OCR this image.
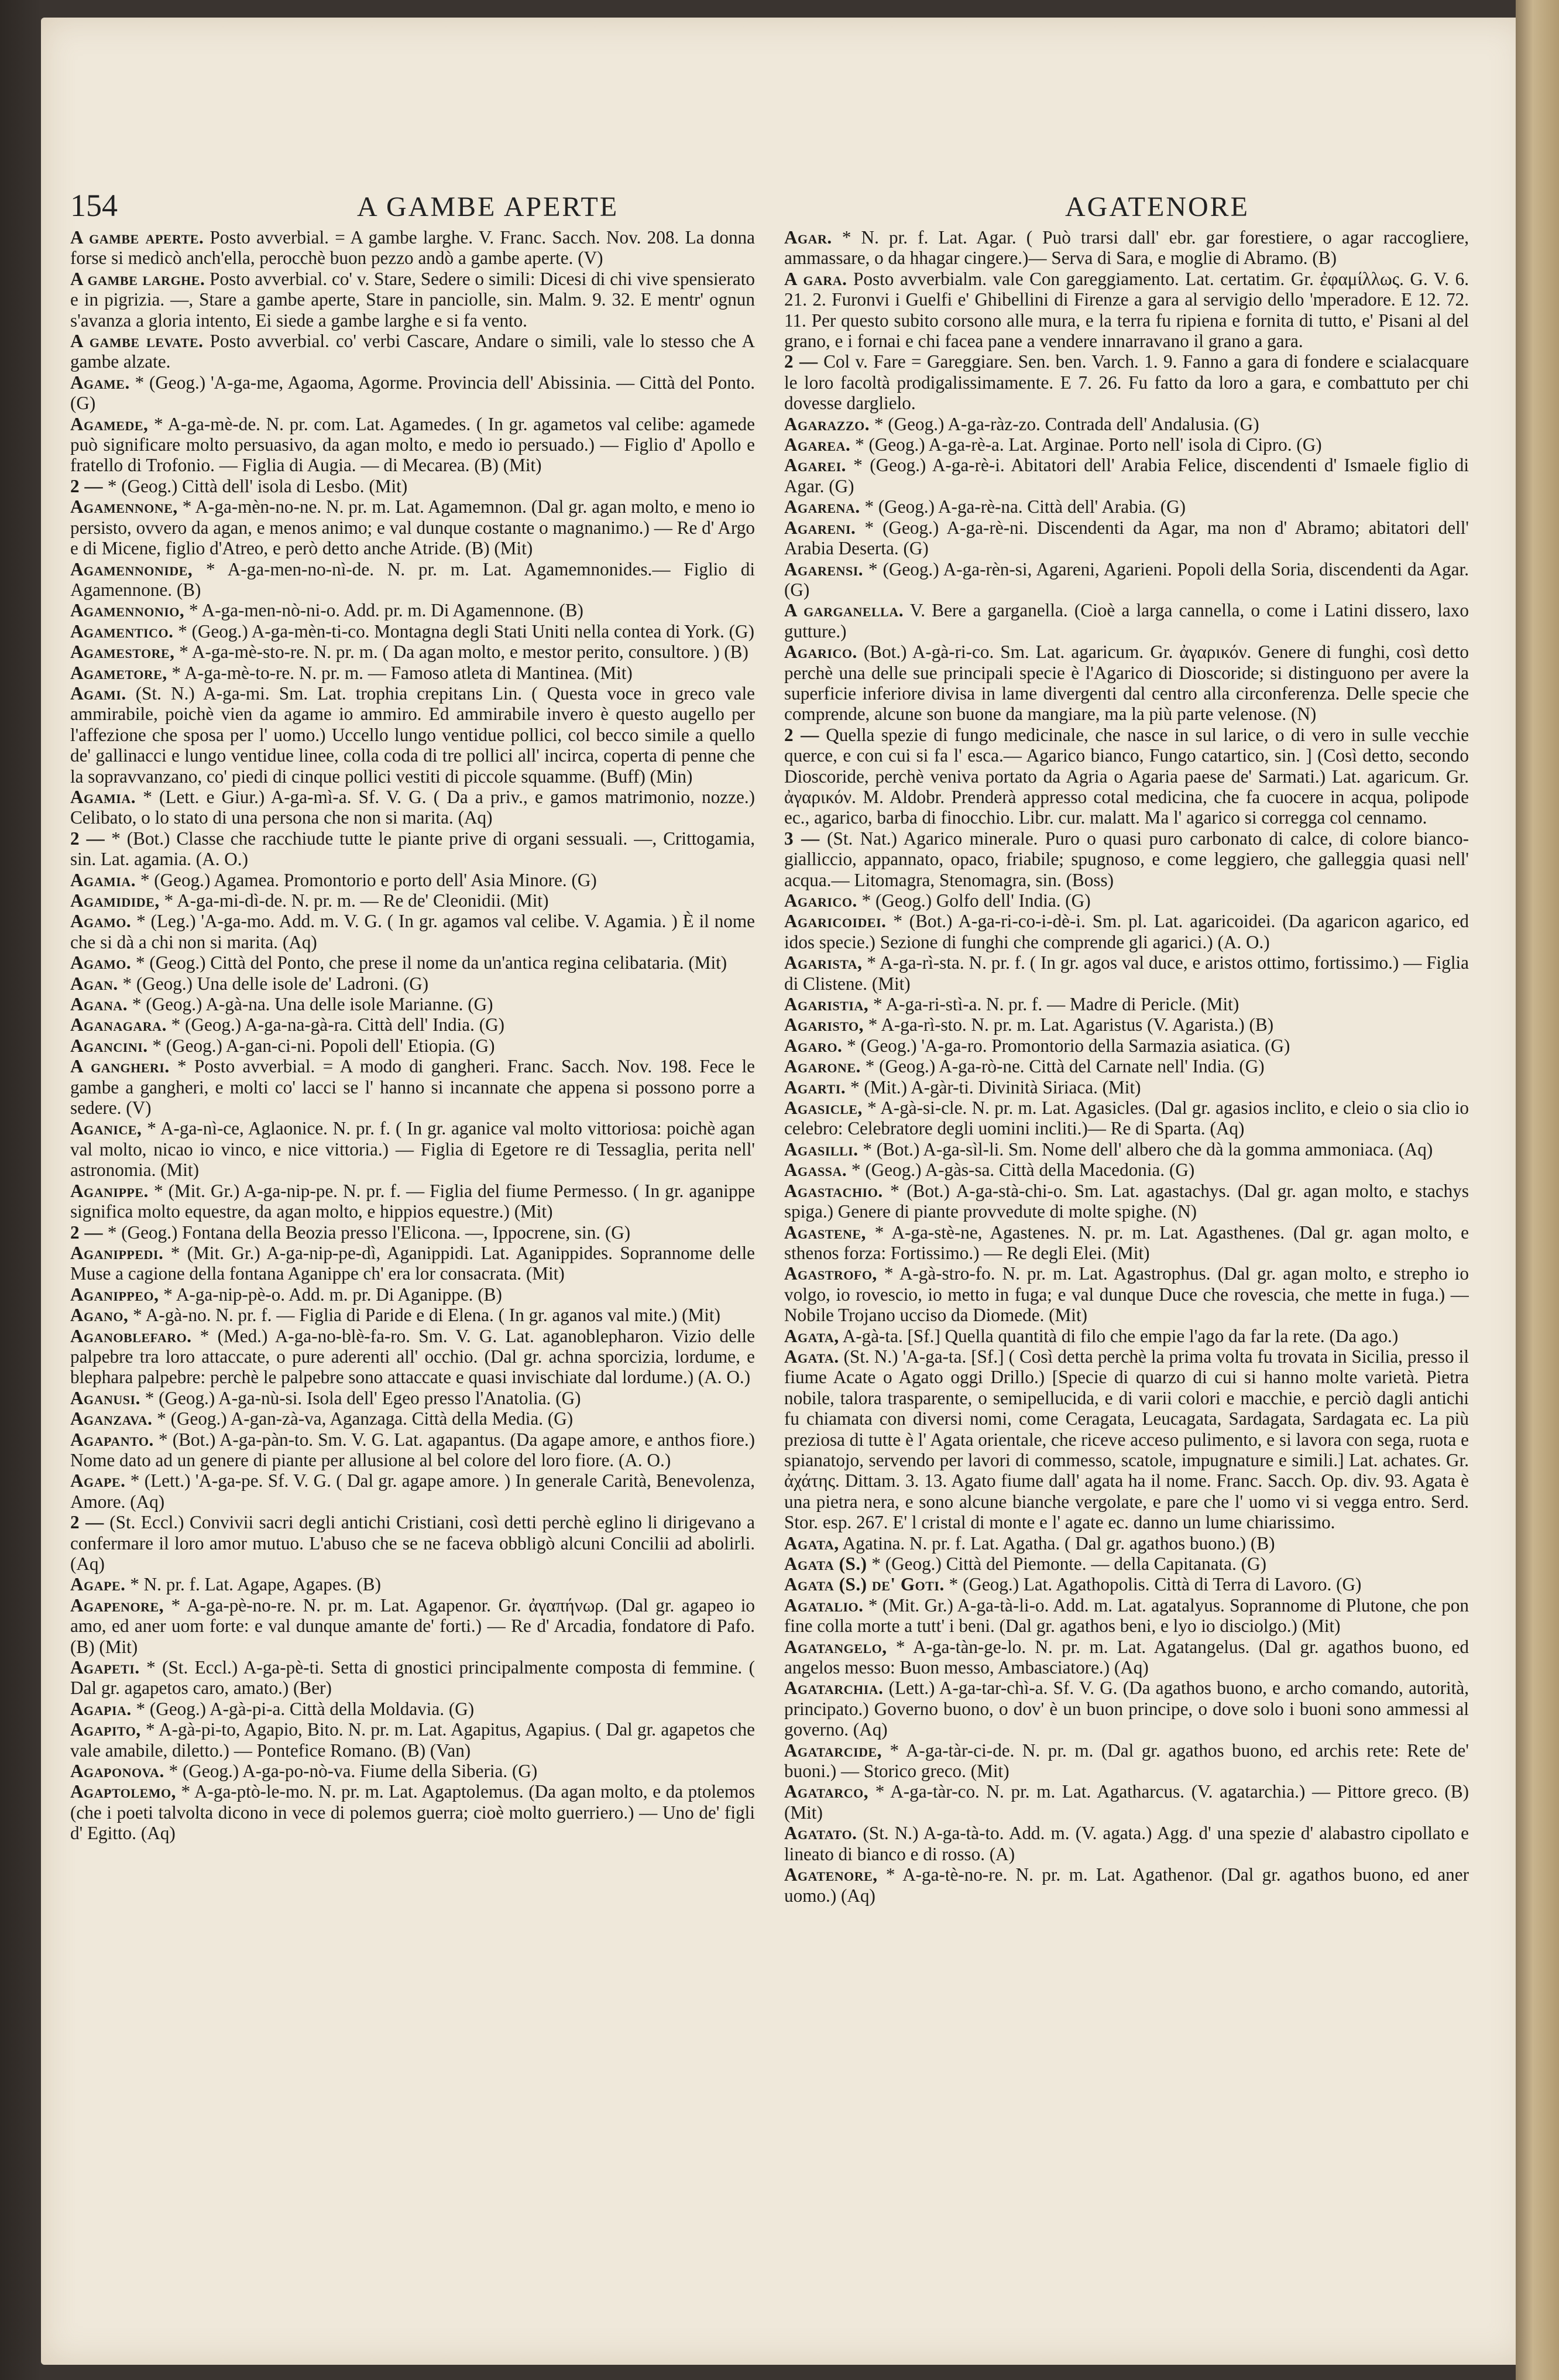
154	A GAMBE APERTE	AGATENORE

A gambe aperte. Posto avverbial. = A gambe larghe. V. Franc. Sacch. Nov. 208. La donna forse si medicò anch'ella, perocchè buon pezzo andò a gambe aperte. (V)

A gambe larghe. Posto avverbial. co' v. Stare, Sedere o simili: Dicesi di chi vive spensierato e in pigrizia. —, Stare a gambe aperte, Stare in panciolle, sin. Malm. 9. 32. E mentr' ognun s'avanza a gloria intento, Ei siede a gambe larghe e si fa vento.

A gambe levate. Posto avverbial. co' verbi Cascare, Andare o simili, vale lo stesso che A gambe alzate.

Agame. * (Geog.) 'A-ga-me, Agaoma, Agorme. Provincia dell' Abissinia. — Città del Ponto. (G)

Agamede, * A-ga-mè-de. N. pr. com. Lat. Agamedes. ( In gr. agametos val celibe: agamede può significare molto persuasivo, da agan molto, e medo io persuado.) — Figlio d' Apollo e fratello di Trofonio. — Figlia di Augia. — di Mecarea. (B) (Mit)

2 — * (Geog.) Città dell' isola di Lesbo. (Mit)

Agamennone, * A-ga-mèn-no-ne. N. pr. m. Lat. Agamemnon. (Dal gr. agan molto, e meno io persisto, ovvero da agan, e menos animo; e val dunque costante o magnanimo.) — Re d' Argo e di Micene, figlio d'Atreo, e però detto anche Atride. (B) (Mit)

Agamennonide, * A-ga-men-no-nì-de. N. pr. m. Lat. Agamemnonides.— Figlio di Agamennone. (B)

Agamennonio, * A-ga-men-nò-ni-o. Add. pr. m. Di Agamennone. (B)

Agamentico. * (Geog.) A-ga-mèn-ti-co. Montagna degli Stati Uniti nella contea di York. (G)

Agamestore, * A-ga-mè-sto-re. N. pr. m. ( Da agan molto, e mestor perito, consultore. ) (B)

Agametore, * A-ga-mè-to-re. N. pr. m. — Famoso atleta di Mantinea. (Mit)

Agami. (St. N.) A-ga-mi. Sm. Lat. trophia crepitans Lin. ( Questa voce in greco vale ammirabile, poichè vien da agame io ammiro. Ed ammirabile invero è questo augello per l'affezione che sposa per l' uomo.) Uccello lungo ventidue pollici, col becco simile a quello de' gallinacci e lungo ventidue linee, colla coda di tre pollici all' incirca, coperta di penne che la sopravvanzano, co' piedi di cinque pollici vestiti di piccole squamme. (Buff) (Min)

Agamia. * (Lett. e Giur.) A-ga-mì-a. Sf. V. G. ( Da a priv., e gamos matrimonio, nozze.) Celibato, o lo stato di una persona che non si marita. (Aq)

2 — * (Bot.) Classe che racchiude tutte le piante prive di organi sessuali. —, Crittogamia, sin. Lat. agamia. (A. O.)

Agamia. * (Geog.) Agamea. Promontorio e porto dell' Asia Minore. (G)

Agamidide, * A-ga-mi-dì-de. N. pr. m. — Re de' Cleonidii. (Mit)

Agamo. * (Leg.) 'A-ga-mo. Add. m. V. G. ( In gr. agamos val celibe. V. Agamia. ) È il nome che si dà a chi non si marita. (Aq)

Agamo. * (Geog.) Città del Ponto, che prese il nome da un'antica regina celibataria. (Mit)

Agan. * (Geog.) Una delle isole de' Ladroni. (G)

Agana. * (Geog.) A-gà-na. Una delle isole Marianne. (G)

Aganagara. * (Geog.) A-ga-na-gà-ra. Città dell' India. (G)

Agancini. * (Geog.) A-gan-ci-ni. Popoli dell' Etiopia. (G)

A gangheri. * Posto avverbial. = A modo di gangheri. Franc. Sacch. Nov. 198. Fece le gambe a gangheri, e molti co' lacci se l' hanno si incannate che appena si possono porre a sedere. (V)

Aganice, * A-ga-nì-ce, Aglaonice. N. pr. f. ( In gr. aganice val molto vittoriosa: poichè agan val molto, nicao io vinco, e nice vittoria.) — Figlia di Egetore re di Tessaglia, perita nell' astronomia. (Mit)

Aganippe. * (Mit. Gr.) A-ga-nip-pe. N. pr. f. — Figlia del fiume Permesso. ( In gr. aganippe significa molto equestre, da agan molto, e hippios equestre.) (Mit)

2 — * (Geog.) Fontana della Beozia presso l'Elicona. —, Ippocrene, sin. (G)

Aganippedi. * (Mit. Gr.) A-ga-nip-pe-dì, Aganippidi. Lat. Aganippides. Soprannome delle Muse a cagione della fontana Aganippe ch' era lor consacrata. (Mit)

Aganippeo, * A-ga-nip-pè-o. Add. m. pr. Di Aganippe. (B)

Agano, * A-gà-no. N. pr. f. — Figlia di Paride e di Elena. ( In gr. aganos val mite.) (Mit)

Aganoblefaro. * (Med.) A-ga-no-blè-fa-ro. Sm. V. G. Lat. aganoblepharon. Vizio delle palpebre tra loro attaccate, o pure aderenti all' occhio. (Dal gr. achna sporcizia, lordume, e blephara palpebre: perchè le palpebre sono attaccate e quasi invischiate dal lordume.) (A. O.)

Aganusi. * (Geog.) A-ga-nù-si. Isola dell' Egeo presso l'Anatolia. (G)

Aganzava. * (Geog.) A-gan-zà-va, Aganzaga. Città della Media. (G)

Agapanto. * (Bot.) A-ga-pàn-to. Sm. V. G. Lat. agapantus. (Da agape amore, e anthos fiore.) Nome dato ad un genere di piante per allusione al bel colore del loro fiore. (A. O.)

Agape. * (Lett.) 'A-ga-pe. Sf. V. G. ( Dal gr. agape amore. ) In generale Carità, Benevolenza, Amore. (Aq)

2 — (St. Eccl.) Convivii sacri degli antichi Cristiani, così detti perchè eglino li dirigevano a confermare il loro amor mutuo. L'abuso che se ne faceva obbligò alcuni Concilii ad abolirli. (Aq)

Agape. * N. pr. f. Lat. Agape, Agapes. (B)

Agapenore, * A-ga-pè-no-re. N. pr. m. Lat. Agapenor. Gr. ἀγαπήνωρ. (Dal gr. agapeo io amo, ed aner uom forte: e val dunque amante de' forti.) — Re d' Arcadia, fondatore di Pafo. (B) (Mit)

Agapeti. * (St. Eccl.) A-ga-pè-ti. Setta di gnostici principalmente composta di femmine. ( Dal gr. agapetos caro, amato.) (Ber)

Agapia. * (Geog.) A-gà-pi-a. Città della Moldavia. (G)

Agapito, * A-gà-pi-to, Agapio, Bito. N. pr. m. Lat. Agapitus, Agapius. ( Dal gr. agapetos che vale amabile, diletto.) — Pontefice Romano. (B) (Van)

Agaponova. * (Geog.) A-ga-po-nò-va. Fiume della Siberia. (G)

Agaptolemo, * A-ga-ptò-le-mo. N. pr. m. Lat. Agaptolemus. (Da agan molto, e da ptolemos (che i poeti talvolta dicono in vece di polemos guerra; cioè molto guerriero.) — Uno de' figli d' Egitto. (Aq)

Agar. * N. pr. f. Lat. Agar. ( Può trarsi dall' ebr. gar forestiere, o agar raccogliere, ammassare, o da hhagar cingere.)— Serva di Sara, e moglie di Abramo. (B)

A gara. Posto avverbialm. vale Con gareggiamento. Lat. certatim. Gr. ἐφαμίλλως. G. V. 6. 21. 2. Furonvi i Guelfi e' Ghibellini di Firenze a gara al servigio dello 'mperadore. E 12. 72. 11. Per questo subito corsono alle mura, e la terra fu ripiena e fornita di tutto, e' Pisani al del grano, e i fornai e chi facea pane a vendere innarravano il grano a gara.

2 — Col v. Fare = Gareggiare. Sen. ben. Varch. 1. 9. Fanno a gara di fondere e scialacquare le loro facoltà prodigalissimamente. E 7. 26. Fu fatto da loro a gara, e combattuto per chi dovesse darglielo.

Agarazzo. * (Geog.) A-ga-ràz-zo. Contrada dell' Andalusia. (G)

Agarea. * (Geog.) A-ga-rè-a. Lat. Arginae. Porto nell' isola di Cipro. (G)

Agarei. * (Geog.) A-ga-rè-i. Abitatori dell' Arabia Felice, discendenti d' Ismaele figlio di Agar. (G)

Agarena. * (Geog.) A-ga-rè-na. Città dell' Arabia. (G)

Agareni. * (Geog.) A-ga-rè-ni. Discendenti da Agar, ma non d' Abramo; abitatori dell' Arabia Deserta. (G)

Agarensi. * (Geog.) A-ga-rèn-si, Agareni, Agarieni. Popoli della Soria, discendenti da Agar. (G)

A garganella. V. Bere a garganella. (Cioè a larga cannella, o come i Latini dissero, laxo gutture.)

Agarico. (Bot.) A-gà-ri-co. Sm. Lat. agaricum. Gr. ἀγαρικόν. Genere di funghi, così detto perchè una delle sue principali specie è l'Agarico di Dioscoride; si distinguono per avere la superficie inferiore divisa in lame divergenti dal centro alla circonferenza. Delle specie che comprende, alcune son buone da mangiare, ma la più parte velenose. (N)

2 — Quella spezie di fungo medicinale, che nasce in sul larice, o di vero in sulle vecchie querce, e con cui si fa l' esca.— Agarico bianco, Fungo catartico, sin. ] (Così detto, secondo Dioscoride, perchè veniva portato da Agria o Agaria paese de' Sarmati.) Lat. agaricum. Gr. ἀγαρικόν. M. Aldobr. Prenderà appresso cotal medicina, che fa cuocere in acqua, polipode ec., agarico, barba di finocchio. Libr. cur. malatt. Ma l' agarico si corregga col cennamo.

3 — (St. Nat.) Agarico minerale. Puro o quasi puro carbonato di calce, di colore bianco-gialliccio, appannato, opaco, friabile; spugnoso, e come leggiero, che galleggia quasi nell' acqua.— Litomagra, Stenomagra, sin. (Boss)

Agarico. * (Geog.) Golfo dell' India. (G)

Agaricoidei. * (Bot.) A-ga-ri-co-i-dè-i. Sm. pl. Lat. agaricoidei. (Da agaricon agarico, ed idos specie.) Sezione di funghi che comprende gli agarici.) (A. O.)

Agarista, * A-ga-rì-sta. N. pr. f. ( In gr. agos val duce, e aristos ottimo, fortissimo.) — Figlia di Clistene. (Mit)

Agaristia, * A-ga-ri-stì-a. N. pr. f. — Madre di Pericle. (Mit)

Agaristo, * A-ga-rì-sto. N. pr. m. Lat. Agaristus (V. Agarista.) (B)

Agaro. * (Geog.) 'A-ga-ro. Promontorio della Sarmazia asiatica. (G)

Agarone. * (Geog.) A-ga-rò-ne. Città del Carnate nell' India. (G)

Agarti. * (Mit.) A-gàr-ti. Divinità Siriaca. (Mit)

Agasicle, * A-gà-si-cle. N. pr. m. Lat. Agasicles. (Dal gr. agasios inclito, e cleio o sia clio io celebro: Celebratore degli uomini incliti.)— Re di Sparta. (Aq)

Agasilli. * (Bot.) A-ga-sìl-li. Sm. Nome dell' albero che dà la gomma ammoniaca. (Aq)

Agassa. * (Geog.) A-gàs-sa. Città della Macedonia. (G)

Agastachio. * (Bot.) A-ga-stà-chi-o. Sm. Lat. agastachys. (Dal gr. agan molto, e stachys spiga.) Genere di piante provvedute di molte spighe. (N)

Agastene, * A-ga-stè-ne, Agastenes. N. pr. m. Lat. Agasthenes. (Dal gr. agan molto, e sthenos forza: Fortissimo.) — Re degli Elei. (Mit)

Agastrofo, * A-gà-stro-fo. N. pr. m. Lat. Agastrophus. (Dal gr. agan molto, e strepho io volgo, io rovescio, io metto in fuga; e val dunque Duce che rovescia, che mette in fuga.) — Nobile Trojano ucciso da Diomede. (Mit)

Agata, A-gà-ta. [Sf.] Quella quantità di filo che empie l'ago da far la rete. (Da ago.)

Agata. (St. N.) 'A-ga-ta. [Sf.] ( Così detta perchè la prima volta fu trovata in Sicilia, presso il fiume Acate o Agato oggi Drillo.) [Specie di quarzo di cui si hanno molte varietà. Pietra nobile, talora trasparente, o semipellucida, e di varii colori e macchie, e perciò dagli antichi fu chiamata con diversi nomi, come Ceragata, Leucagata, Sardagata, Sardagata ec. La più preziosa di tutte è l' Agata orientale, che riceve acceso pulimento, e si lavora con sega, ruota e spianatojo, servendo per lavori di commesso, scatole, impugnature e simili.] Lat. achates. Gr. ἀχάτης. Dittam. 3. 13. Agato fiume dall' agata ha il nome. Franc. Sacch. Op. div. 93. Agata è una pietra nera, e sono alcune bianche vergolate, e pare che l' uomo vi si vegga entro. Serd. Stor. esp. 267. E' l cristal di monte e l' agate ec. danno un lume chiarissimo.

Agata, Agatina. N. pr. f. Lat. Agatha. ( Dal gr. agathos buono.) (B)

Agata (S.) * (Geog.) Città del Piemonte. — della Capitanata. (G)

Agata (S.) de' Goti. * (Geog.) Lat. Agathopolis. Città di Terra di Lavoro. (G)

Agatalio. * (Mit. Gr.) A-ga-tà-li-o. Add. m. Lat. agatalyus. Soprannome di Plutone, che pon fine colla morte a tutt' i beni. (Dal gr. agathos beni, e lyo io disciolgo.) (Mit)

Agatangelo, * A-ga-tàn-ge-lo. N. pr. m. Lat. Agatangelus. (Dal gr. agathos buono, ed angelos messo: Buon messo, Ambasciatore.) (Aq)

Agatarchia. (Lett.) A-ga-tar-chì-a. Sf. V. G. (Da agathos buono, e archo comando, autorità, principato.) Governo buono, o dov' è un buon principe, o dove solo i buoni sono ammessi al governo. (Aq)

Agatarcide, * A-ga-tàr-ci-de. N. pr. m. (Dal gr. agathos buono, ed archis rete: Rete de' buoni.) — Storico greco. (Mit)

Agatarco, * A-ga-tàr-co. N. pr. m. Lat. Agatharcus. (V. agatarchia.) — Pittore greco. (B) (Mit)

Agatato. (St. N.) A-ga-tà-to. Add. m. (V. agata.) Agg. d' una spezie d' alabastro cipollato e lineato di bianco e di rosso. (A)

Agatenore, * A-ga-tè-no-re. N. pr. m. Lat. Agathenor. (Dal gr. agathos buono, ed aner uomo.) (Aq)
